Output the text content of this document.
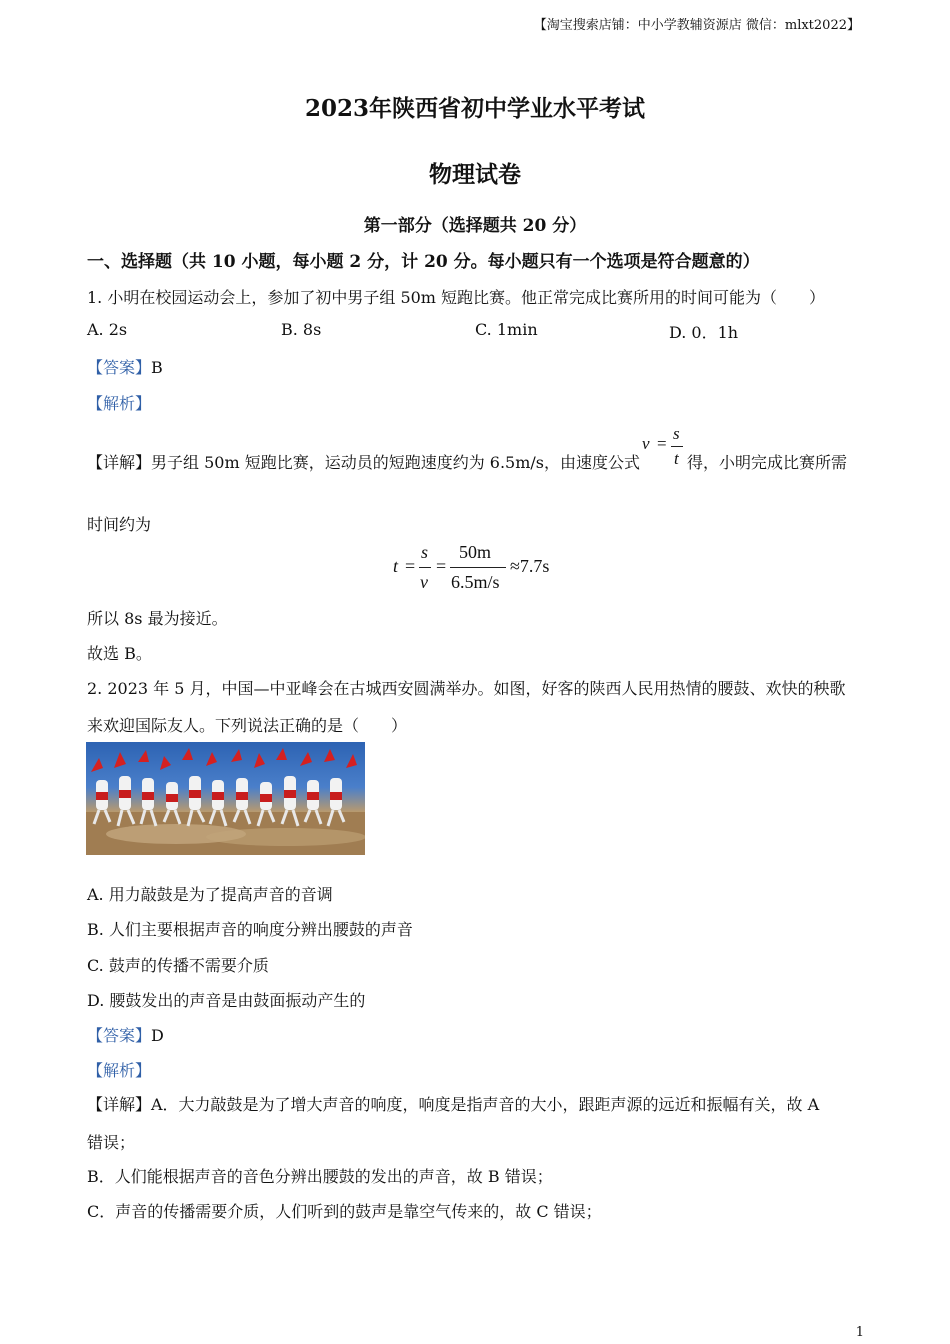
【淘宝搜索店铺：中小学教辅资源店 微信：mlxt2022】
2023年陕西省初中学业水平考试
物理试卷
第一部分（选择题共 20 分）
一、选择题（共 10 小题，每小题 2 分，计 20 分。每小题只有一个选项是符合题意的）
1. 小明在校园运动会上，参加了初中男子组 50m 短跑比赛。他正常完成比赛所用的时间可能为（　　）
A. 2s	B. 8s	C. 1min	D. 0．1h
【答案】B
【解析】
【详解】男子组 50m 短跑比赛，运动员的短跑速度约为 6.5m/s，由速度公式
v =
s
t 得，小明完成比赛所需
时间约为
t =
s
v
=
50m
6.5m/s
≈7.7s
所以 8s 最为接近。
故选 B。
2. 2023 年 5 月，中国—中亚峰会在古城西安圆满举办。如图，好客的陕西人民用热情的腰鼓、欢快的秧歌
来欢迎国际友人。下列说法正确的是（　　）
A. 用力敲鼓是为了提高声音的音调
B. 人们主要根据声音的响度分辨出腰鼓的声音
C. 鼓声的传播不需要介质
D. 腰鼓发出的声音是由鼓面振动产生的
【答案】D
【解析】
【详解】A．大力敲鼓是为了增大声音的响度，响度是指声音的大小，跟距声源的远近和振幅有关，故 A
错误；
B．人们能根据声音的音色分辨出腰鼓的发出的声音，故 B 错误；
C．声音的传播需要介质，人们听到的鼓声是靠空气传来的，故 C 错误；
1
